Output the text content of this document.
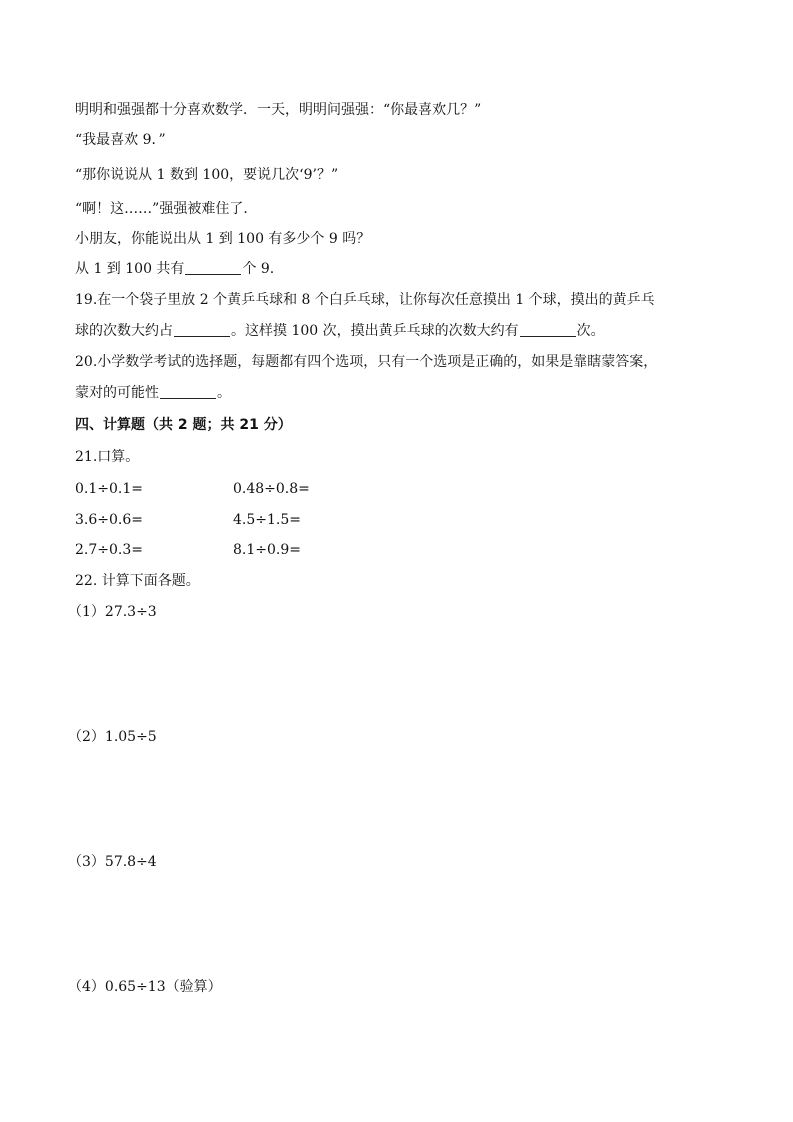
明明和强强都十分喜欢数学．一天，明明问强强：“你最喜欢几？”
“我最喜欢 9．”
“那你说说从 1 数到 100，要说几次‘9’？”
“啊！这……”强强被难住了．
小朋友，你能说出从 1 到 100 有多少个 9 吗？
从 1 到 100 共有	个 9.
19.在一个袋子里放 2 个黄乒乓球和 8 个白乒乓球，让你每次任意摸出 1 个球，摸出的黄乒乓
球的次数大约占	。这样摸 100 次，摸出黄乒乓球的次数大约有	次。
20.小学数学考试的选择题，每题都有四个选项，只有一个选项是正确的，如果是靠瞎蒙答案，
蒙对的可能性	。
四、计算题（共 2 题；共 21 分）
21.口算。
0.1÷0.1=	0.48÷0.8=
3.6÷0.6=	4.5÷1.5=
2.7÷0.3=	8.1÷0.9=
22. 计算下面各题。
（1）27.3÷3
（2）1.05÷5
（3）57.8÷4
（4）0.65÷13（验算）
